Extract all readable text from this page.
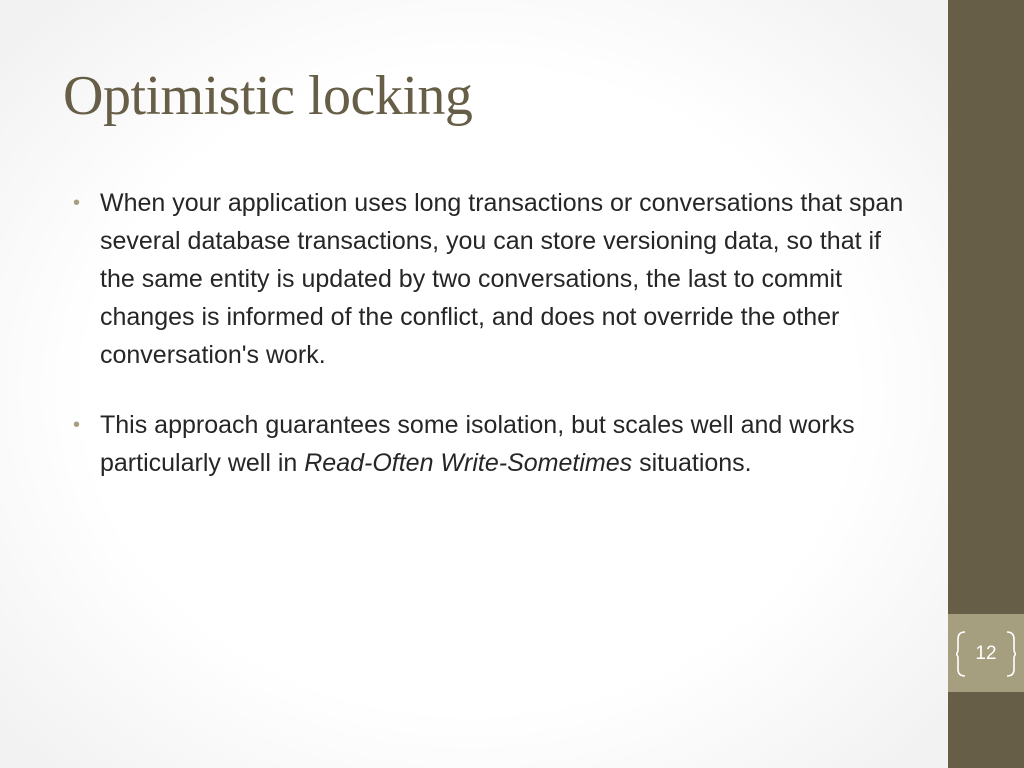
Optimistic locking
• When your application uses long transactions or conversations that span several database transactions, you can store versioning data, so that if the same entity is updated by two conversations, the last to commit changes is informed of the conflict, and does not override the other conversation's work.
• This approach guarantees some isolation, but scales well and works particularly well in Read-Often Write-Sometimes situations.
12
